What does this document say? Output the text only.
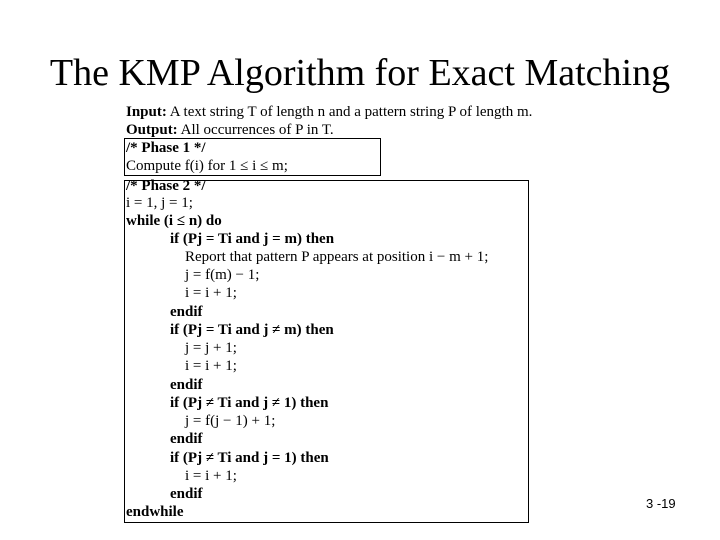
The KMP Algorithm for Exact Matching
Input: A text string T of length n and a pattern string P of length m.
Output: All occurrences of P in T.
/* Phase 1 */
Compute f(i) for 1 ≤ i ≤ m;
/* Phase 2 */
i = 1, j = 1;
while (i ≤ n) do
if (Pj = Ti and j = m) then
Report that pattern P appears at position i − m + 1;
j = f(m) − 1;
i = i + 1;
endif
if (Pj = Ti and j ≠ m) then
j = j + 1;
i = i + 1;
endif
if (Pj ≠ Ti and j ≠ 1) then
j = f(j − 1) + 1;
endif
if (Pj ≠ Ti and j = 1) then
i = i + 1;
endif
endwhile
3 -19
